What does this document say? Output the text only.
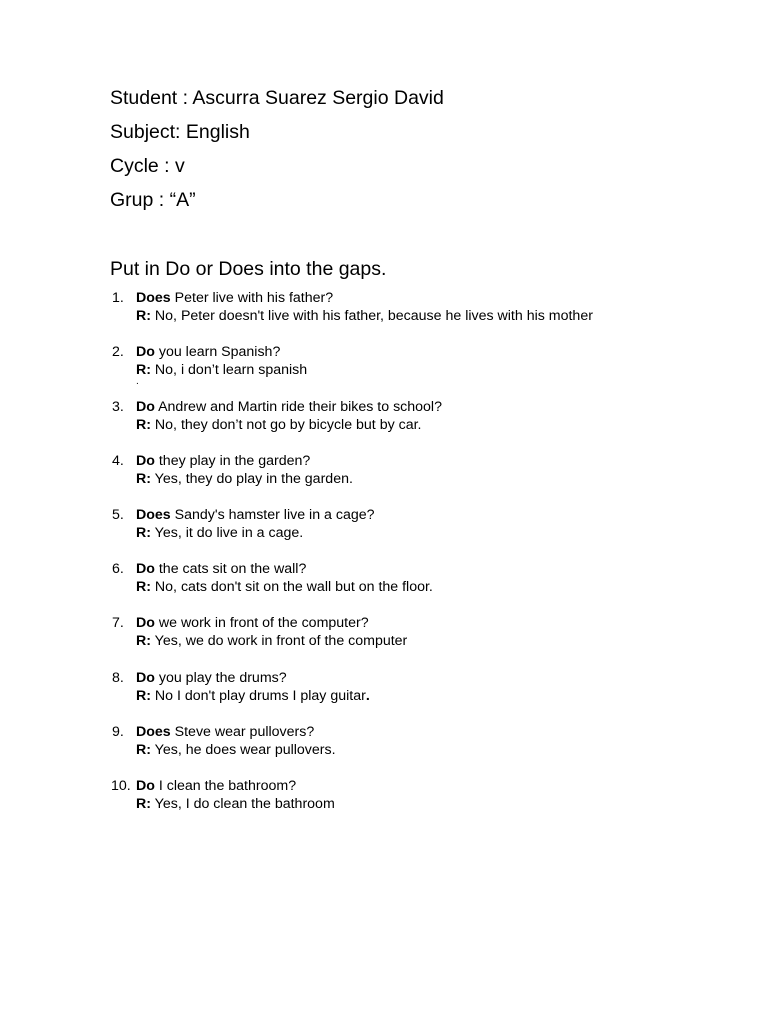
Student : Ascurra Suarez Sergio David
Subject: English
Cycle : v
Grup : “A”
Put in Do or Does into the gaps.
1. Does Peter live with his father?
R: No, Peter doesn't live with his father, because he lives with his mother
2. Do you learn Spanish?
R: No, i don’t learn spanish
.
3. Do Andrew and Martin ride their bikes to school?
R: No, they don’t not go by bicycle but by car.
4. Do they play in the garden?
R: Yes, they do play in the garden.
5. Does Sandy's hamster live in a cage?
R: Yes, it do live in a cage.
6. Do the cats sit on the wall?
R: No, cats don't sit on the wall but on the floor.
7. Do we work in front of the computer?
R: Yes, we do work in front of the computer
8. Do you play the drums?
R: No I don't play drums I play guitar.
9. Does Steve wear pullovers?
R: Yes, he does wear pullovers.
10. Do I clean the bathroom?
R: Yes, I do clean the bathroom
